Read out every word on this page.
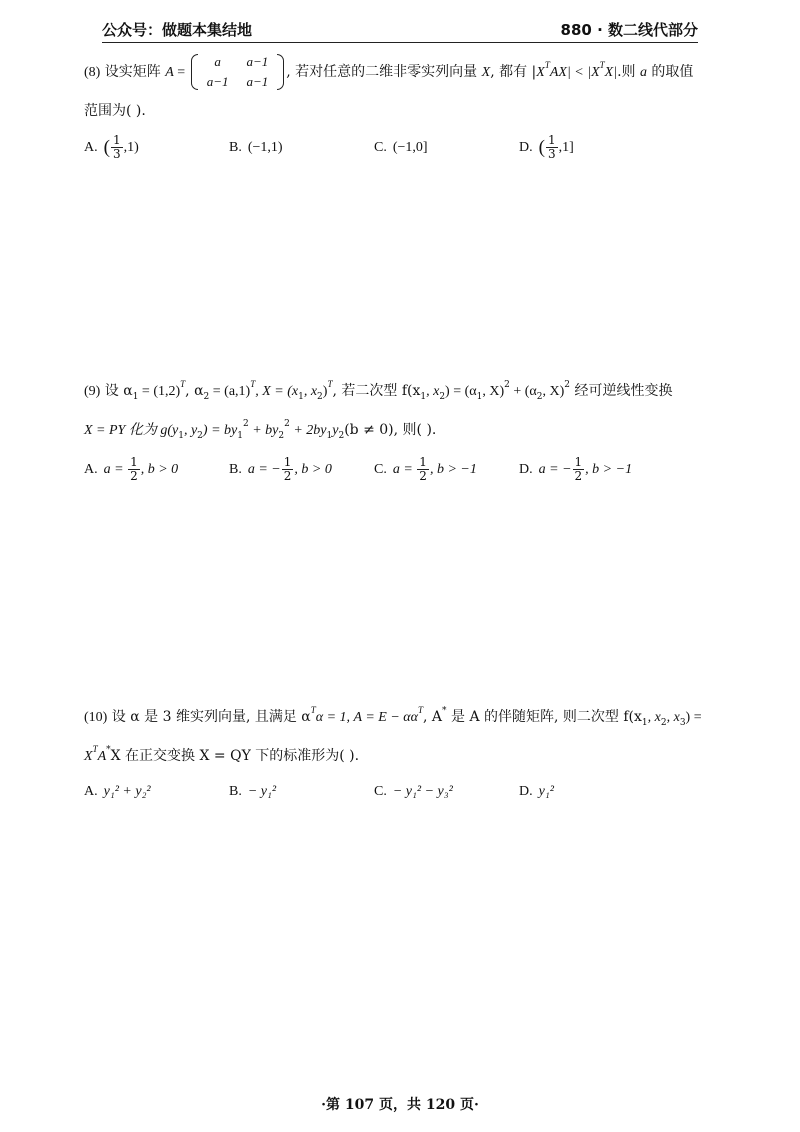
公众号：做题本集结地	880 · 数二线代部分
(8) 设实矩阵 A =
a	a−1
a−1	a−1
, 若对任意的二维非零实列向量 X, 都有 $|X^TAX| < |X^TX|$.则 a 的取值
范围为( ).
A. ( $\frac{1}{3} ,1$)	B. (−1,1)	C. (−1,0]	D. ( $\frac{1}{3} ,1$]
(9) 设 $\alpha_1 = (1,2)^T$, $\alpha_2 = (a,1)^T$, $X = (x_1$, $x_2)^T$, 若二次型 $f(x_1$, $x_2) = (\alpha_1$, $X)^2 + (\alpha_2$, X)$^2$ 经可逆线性变换
X = PY 化为 $g(y_1$, $y_2) = by_1^2 + by_2^2 + 2by_1y_2(b \ne 0)$, 则( ).
A. $a = \frac{1}{2}$ , b > 0	B. a = − $\frac{1}{2}$ , b > 0	C. $a = \frac{1}{2}$ , b > −1	D. a = − $\frac{1}{2}$ , b > −1
(10) 设 α 是 3 维实列向量, 且满足 $\alpha^T\alpha = 1$, $A = E - \alpha\alpha^T$, A* 是 A 的伴随矩阵, 则二次型 $f(x_1$, $x_2$, $x_3$) =
$X^TA^*X$ 在正交变换 X = QY 下的标准形为( ).
A. y₁² + y₂²	B. − y₁²	C. − y₁² − y₃²	D. y₁²
·第 107 页，共 120 页·
